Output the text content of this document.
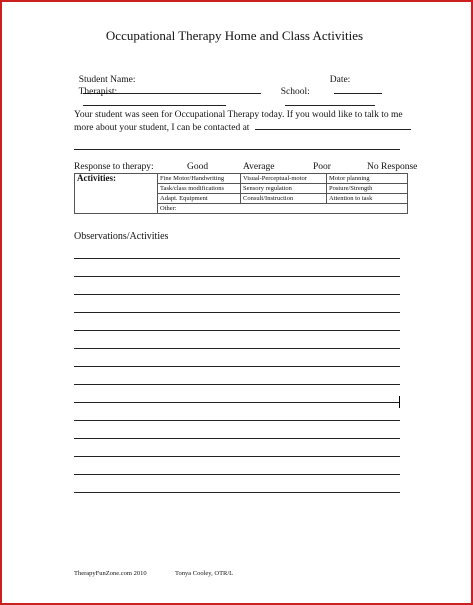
Occupational Therapy Home and Class Activities

Student Name:
	Date:

Therapist:
	School:

Your student was seen for Occupational Therapy today. If you would like to talk to me
more about your student, I can be contacted at
Response to therapy:	Good	Average	Poor	No Response
Activities:	Fine Motor/Handwriting	Visual-Perceptual-motor	Motor planning
	Task/class modifications	Sensory regulation	Posture/Strength
	Adapt. Equipment	Consult/Instruction	Attention to task
	Other:		
Observations/Activities
TherapyFunZone.com 2010	Tonya Cooley, OTR/L
